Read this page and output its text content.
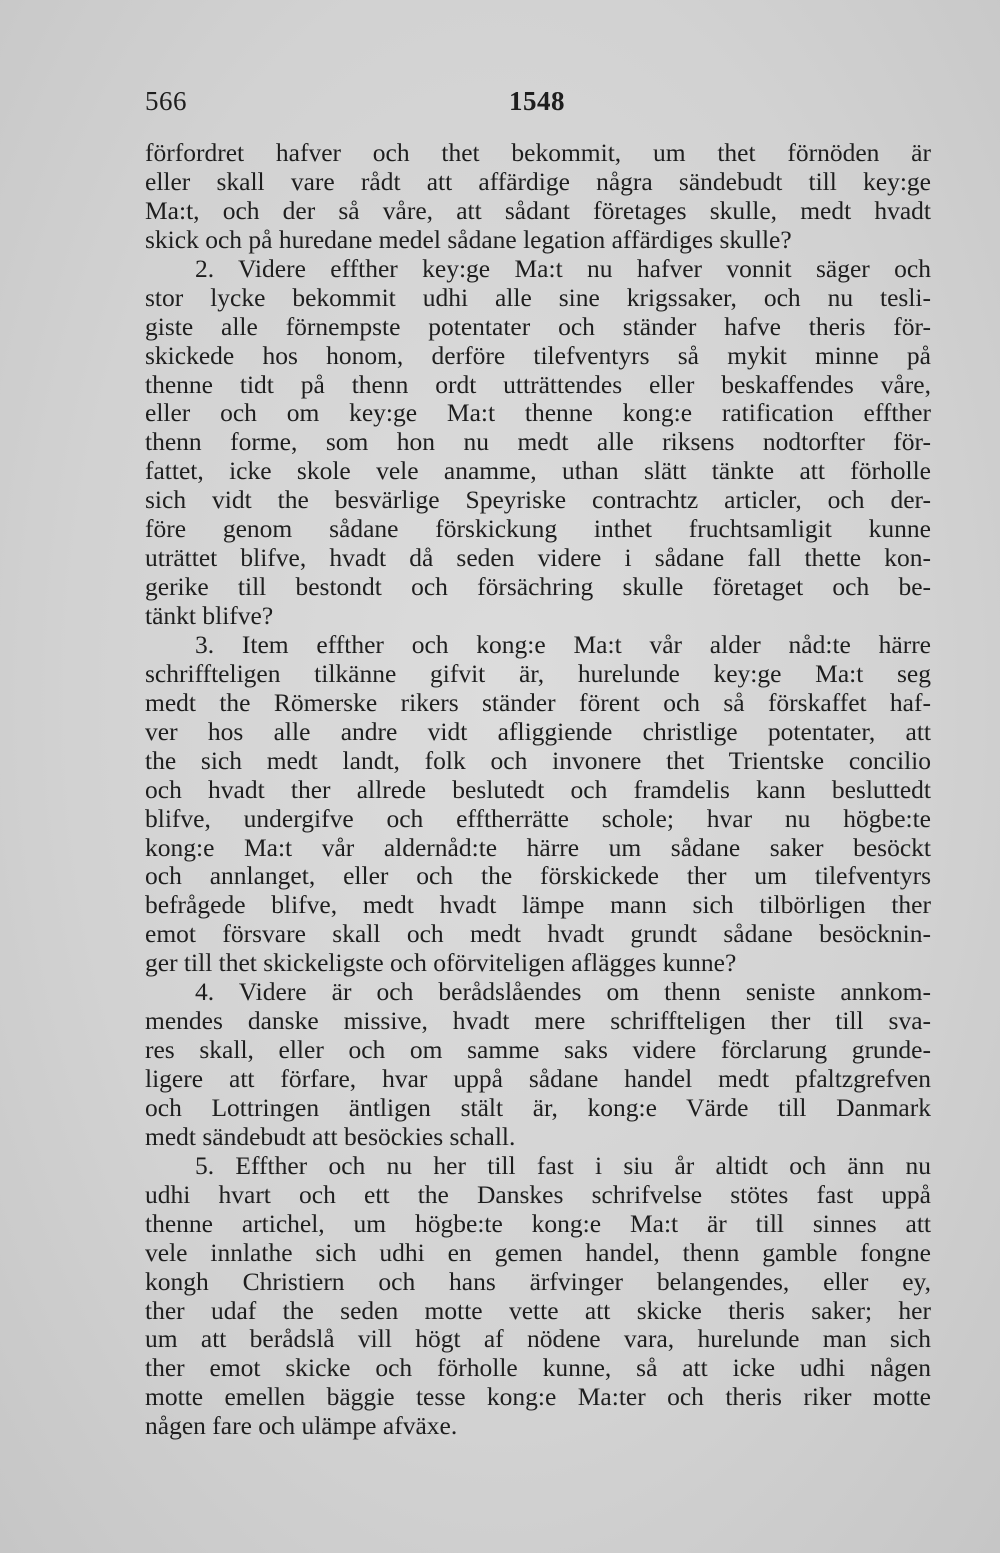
566	1548
förfordret hafver och thet bekommit, um thet förnöden är
eller skall vare rådt att affärdige några sändebudt till key:ge
Ma:t, och der så våre, att sådant företages skulle, medt hvadt
skick och på huredane medel sådane legation affärdiges skulle?
2. Videre effther key:ge Ma:t nu hafver vonnit säger och
stor lycke bekommit udhi alle sine krigssaker, och nu tesli-
giste alle förnempste potentater och ständer hafve theris för-
skickede hos honom, derföre tilefventyrs så mykit minne på
thenne tidt på thenn ordt utträttendes eller beskaffendes våre,
eller och om key:ge Ma:t thenne kong:e ratification effther
thenn forme, som hon nu medt alle riksens nodtorfter för-
fattet, icke skole vele anamme, uthan slätt tänkte att förholle
sich vidt the besvärlige Speyriske contrachtz articler, och der-
före genom sådane förskickung inthet fruchtsamligit kunne
uträttet blifve, hvadt då seden videre i sådane fall thette kon-
gerike till bestondt och försächring skulle företaget och be-
tänkt blifve?
3. Item effther och kong:e Ma:t vår alder nåd:te härre
schriffteligen tilkänne gifvit är, hurelunde key:ge Ma:t seg
medt the Römerske rikers ständer förent och så förskaffet haf-
ver hos alle andre vidt afliggiende christlige potentater, att
the sich medt landt, folk och invonere thet Trientske concilio
och hvadt ther allrede beslutedt och framdelis kann besluttedt
blifve, undergifve och efftherrätte schole; hvar nu högbe:te
kong:e Ma:t vår aldernåd:te härre um sådane saker besöckt
och annlanget, eller och the förskickede ther um tilefventyrs
befrågede blifve, medt hvadt lämpe mann sich tilbörligen ther
emot försvare skall och medt hvadt grundt sådane besöcknin-
ger till thet skickeligste och oförviteligen aflägges kunne?
4. Videre är och berådslåendes om thenn seniste annkom-
mendes danske missive, hvadt mere schriffteligen ther till sva-
res skall, eller och om samme saks videre förclarung grunde-
ligere att förfare, hvar uppå sådane handel medt pfaltzgrefven
och Lottringen äntligen stält är, kong:e Värde till Danmark
medt sändebudt att besöckies schall.
5. Effther och nu her till fast i siu år altidt och änn nu
udhi hvart och ett the Danskes schrifvelse stötes fast uppå
thenne artichel, um högbe:te kong:e Ma:t är till sinnes att
vele innlathe sich udhi en gemen handel, thenn gamble fongne
kongh Christiern och hans ärfvinger belangendes, eller ey,
ther udaf the seden motte vette att skicke theris saker; her
um att berådslå vill högt af nödene vara, hurelunde man sich
ther emot skicke och förholle kunne, så att icke udhi någen
motte emellen bäggie tesse kong:e Ma:ter och theris riker motte
någen fare och ulämpe afväxe.
